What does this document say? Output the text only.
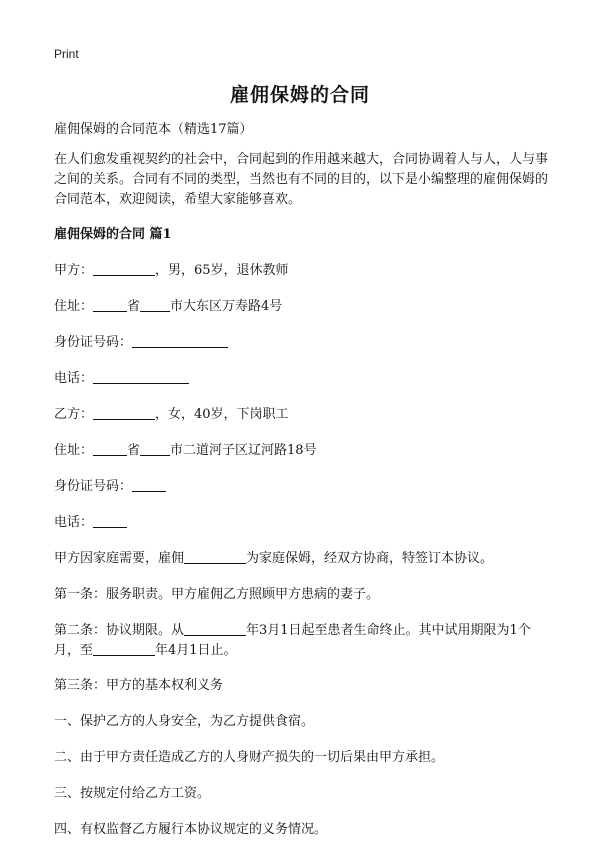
Print
雇佣保姆的合同

雇佣保姆的合同范本（精选17篇）

在人们愈发重视契约的社会中，合同起到的作用越来越大，合同协调着人与人，人与事之间的关系。合同有不同的类型，当然也有不同的目的，以下是小编整理的雇佣保姆的合同范本，欢迎阅读，希望大家能够喜欢。

雇佣保姆的合同 篇1

甲方：	，男，65岁，退休教师

住址：	省 市大东区万寿路4号

身份证号码：

电话：

乙方：	，女，40岁，下岗职工

住址：	省 市二道河子区辽河路18号

身份证号码：

电话：

甲方因家庭需要，雇佣	为家庭保姆，经双方协商，特签订本协议。

第一条：服务职责。甲方雇佣乙方照顾甲方患病的妻子。

第二条：协议期限。从	年3月1日起至患者生命终止。其中试用期限为1个月，至	年4月1日止。

第三条：甲方的基本权利义务

一、保护乙方的人身安全，为乙方提供食宿。

二、由于甲方责任造成乙方的人身财产损失的一切后果由甲方承担。

三、按规定付给乙方工资。

四、有权监督乙方履行本协议规定的义务情况。
